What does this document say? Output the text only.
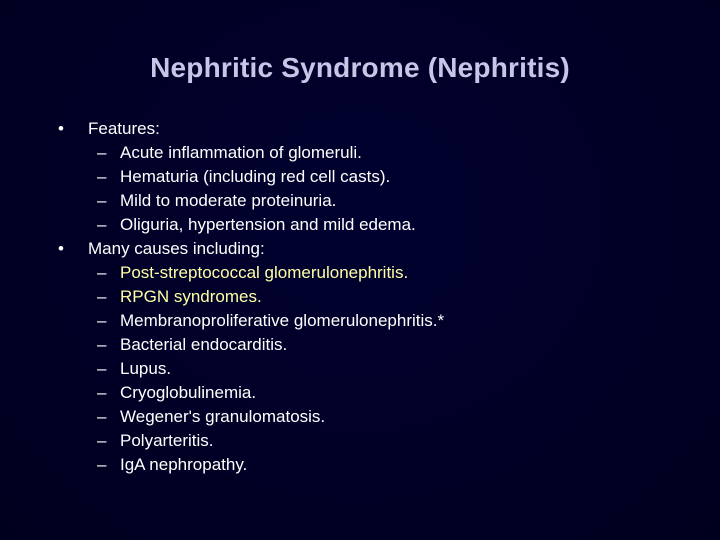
Nephritic Syndrome (Nephritis)
•	Features:
– Acute inflammation of glomeruli.
– Hematuria (including red cell casts).
– Mild to moderate proteinuria.
– Oliguria, hypertension and mild edema.
•	Many causes including:
– Post-streptococcal glomerulonephritis.
– RPGN syndromes.
– Membranoproliferative glomerulonephritis.*
– Bacterial endocarditis.
– Lupus.
– Cryoglobulinemia.
– Wegener's granulomatosis.
– Polyarteritis.
– IgA nephropathy.
